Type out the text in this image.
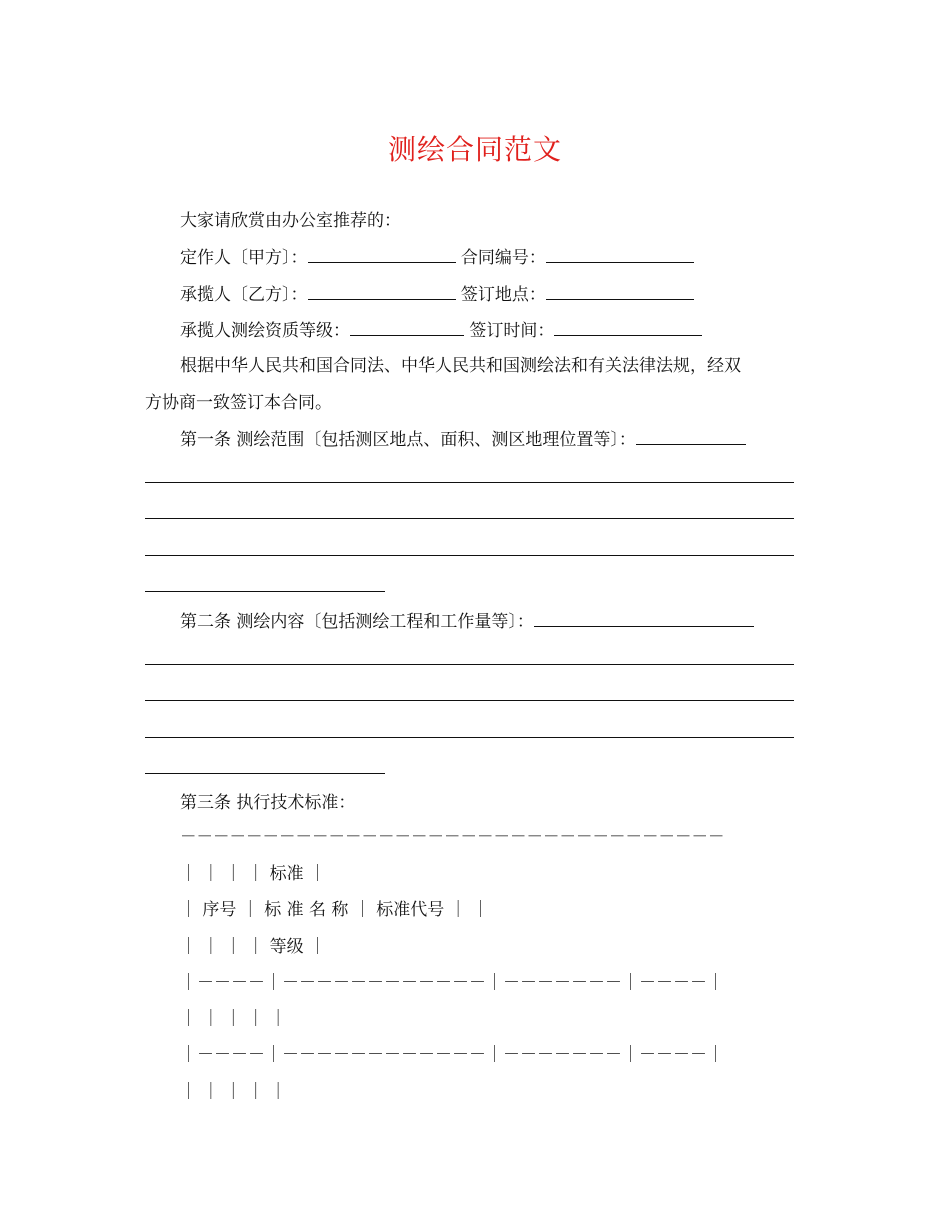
测绘合同范文
大家请欣赏由办公室推荐的：
定作人〔甲方〕：	合同编号：
承揽人〔乙方〕：	签订地点：
承揽人测绘资质等级：	签订时间：
根据中华人民共和国合同法、中华人民共和国测绘法和有关法律法规，经双
方协商一致签订本合同。
第一条 测绘范围〔包括测区地点、面积、测区地理位置等〕：
第二条 测绘内容〔包括测绘工程和工作量等〕：
第三条 执行技术标准：
－－－－－－－－－－－－－－－－－－－－－－－－－－－－－－－－－
｜ ｜ ｜ ｜ 标准 ｜
｜ 序号 ｜ 标 准 名 称 ｜ 标准代号 ｜ ｜
｜ ｜ ｜ ｜ 等级 ｜
｜－－－－｜－－－－－－－－－－－－｜－－－－－－－｜－－－－｜
｜ ｜ ｜ ｜ ｜
｜－－－－｜－－－－－－－－－－－－｜－－－－－－－｜－－－－｜
｜ ｜ ｜ ｜ ｜
